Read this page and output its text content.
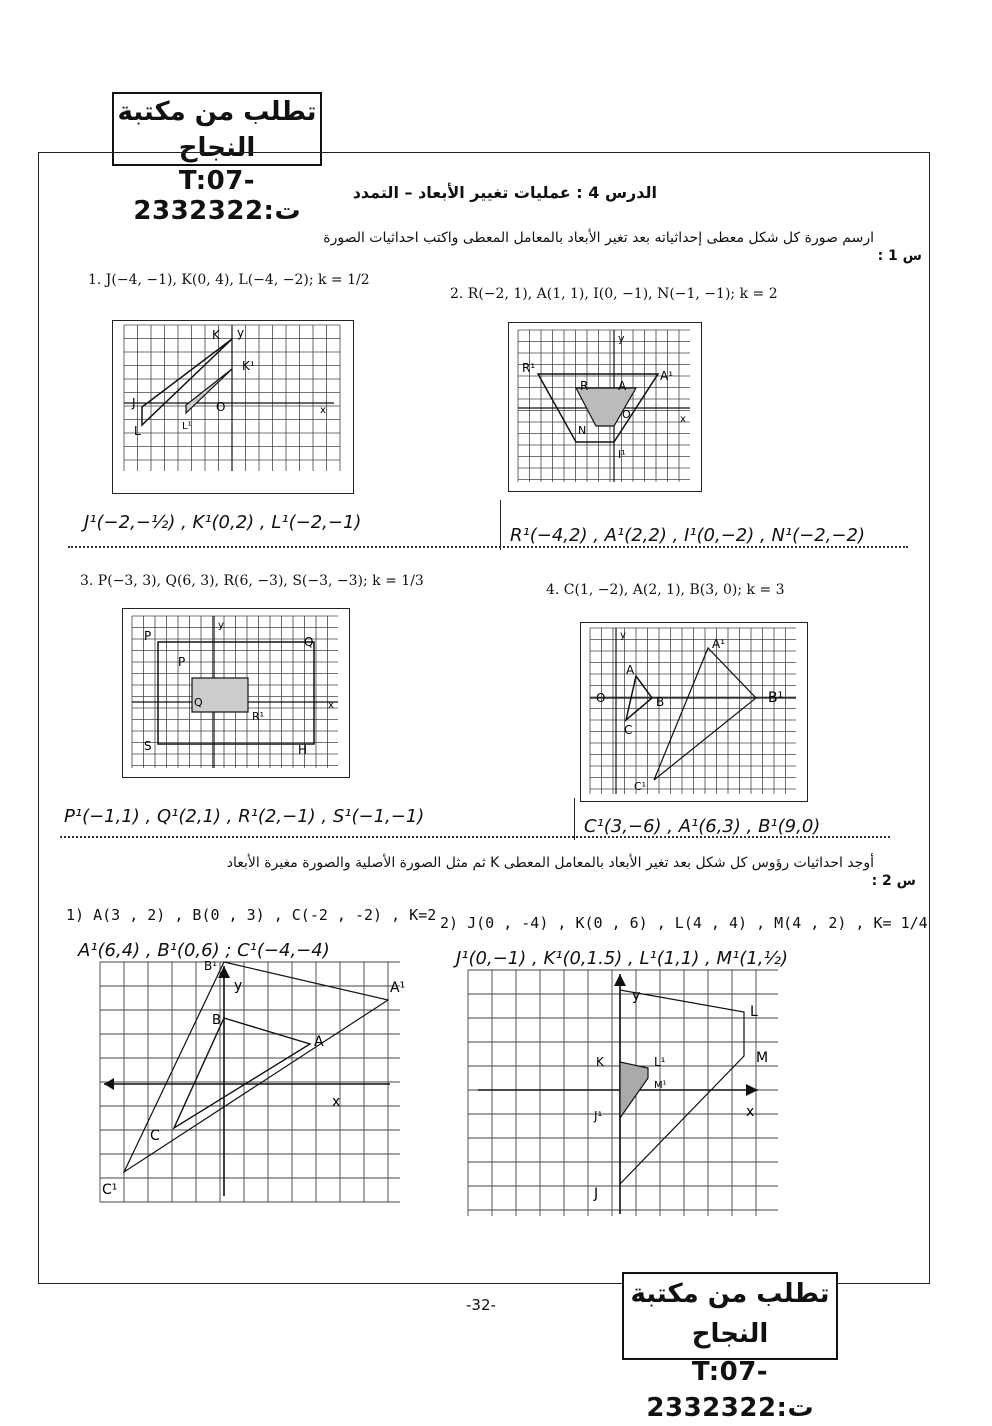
تطلب من مكتبة النجاح
T:07-2332322:ت
الدرس 4 : عمليات تغيير الأبعاد – التمدد
س 1 :
ارسم صورة كل شكل معطى إحداثياته بعد تغير الأبعاد بالمعامل المعطى واكتب احداثيات الصورة
1. J(−4, −1), K(0, 4), L(−4, −2); k = 1/2
2. R(−2, 1), A(1, 1), I(0, −1), N(−1, −1); k = 2
K y
J
L
O	x
K¹
L¹
R¹
R A
A¹
O
N
I¹
y
x
J¹(−2,−½) , K¹(0,2) , L¹(−2,−1)
R¹(−4,2) , A¹(2,2) , I¹(0,−2) , N¹(−2,−2)
3. P(−3, 3), Q(6, 3), R(6, −3), S(−3, −3); k = 1/3
4. C(1, −2), A(2, 1), B(3, 0); k = 3
P	Q
S	H
P
Q
R¹
y
x
A
B
C
O
A¹
B¹
C¹
y
P¹(−1,1) , Q¹(2,1) , R¹(2,−1) , S¹(−1,−1)	C¹(3,−6) , A¹(6,3) , B¹(9,0)
س 2 :
أوجد احداثيات رؤوس كل شكل بعد تغير الأبعاد بالمعامل المعطى K ثم مثل الصورة الأصلية والصورة مغيرة الأبعاد
1) A(3 , 2) , B(0 , 3) , C(-2 , -2) , K=2 2) J(0 , -4) , K(0 , 6) , L(4 , 4) , M(4 , 2) , K= 1/4
A¹(6,4) , B¹(0,6) ; C¹(−4,−4)	J¹(0,−1) , K¹(0,1.5) , L¹(1,1) , M¹(1,½)
B¹
y
B
A
A¹
C
C¹
x
y
L
M
K	L¹
M¹
J¹
J
x
-32-	تطلب من مكتبة النجاح
T:07-2332322:ت
